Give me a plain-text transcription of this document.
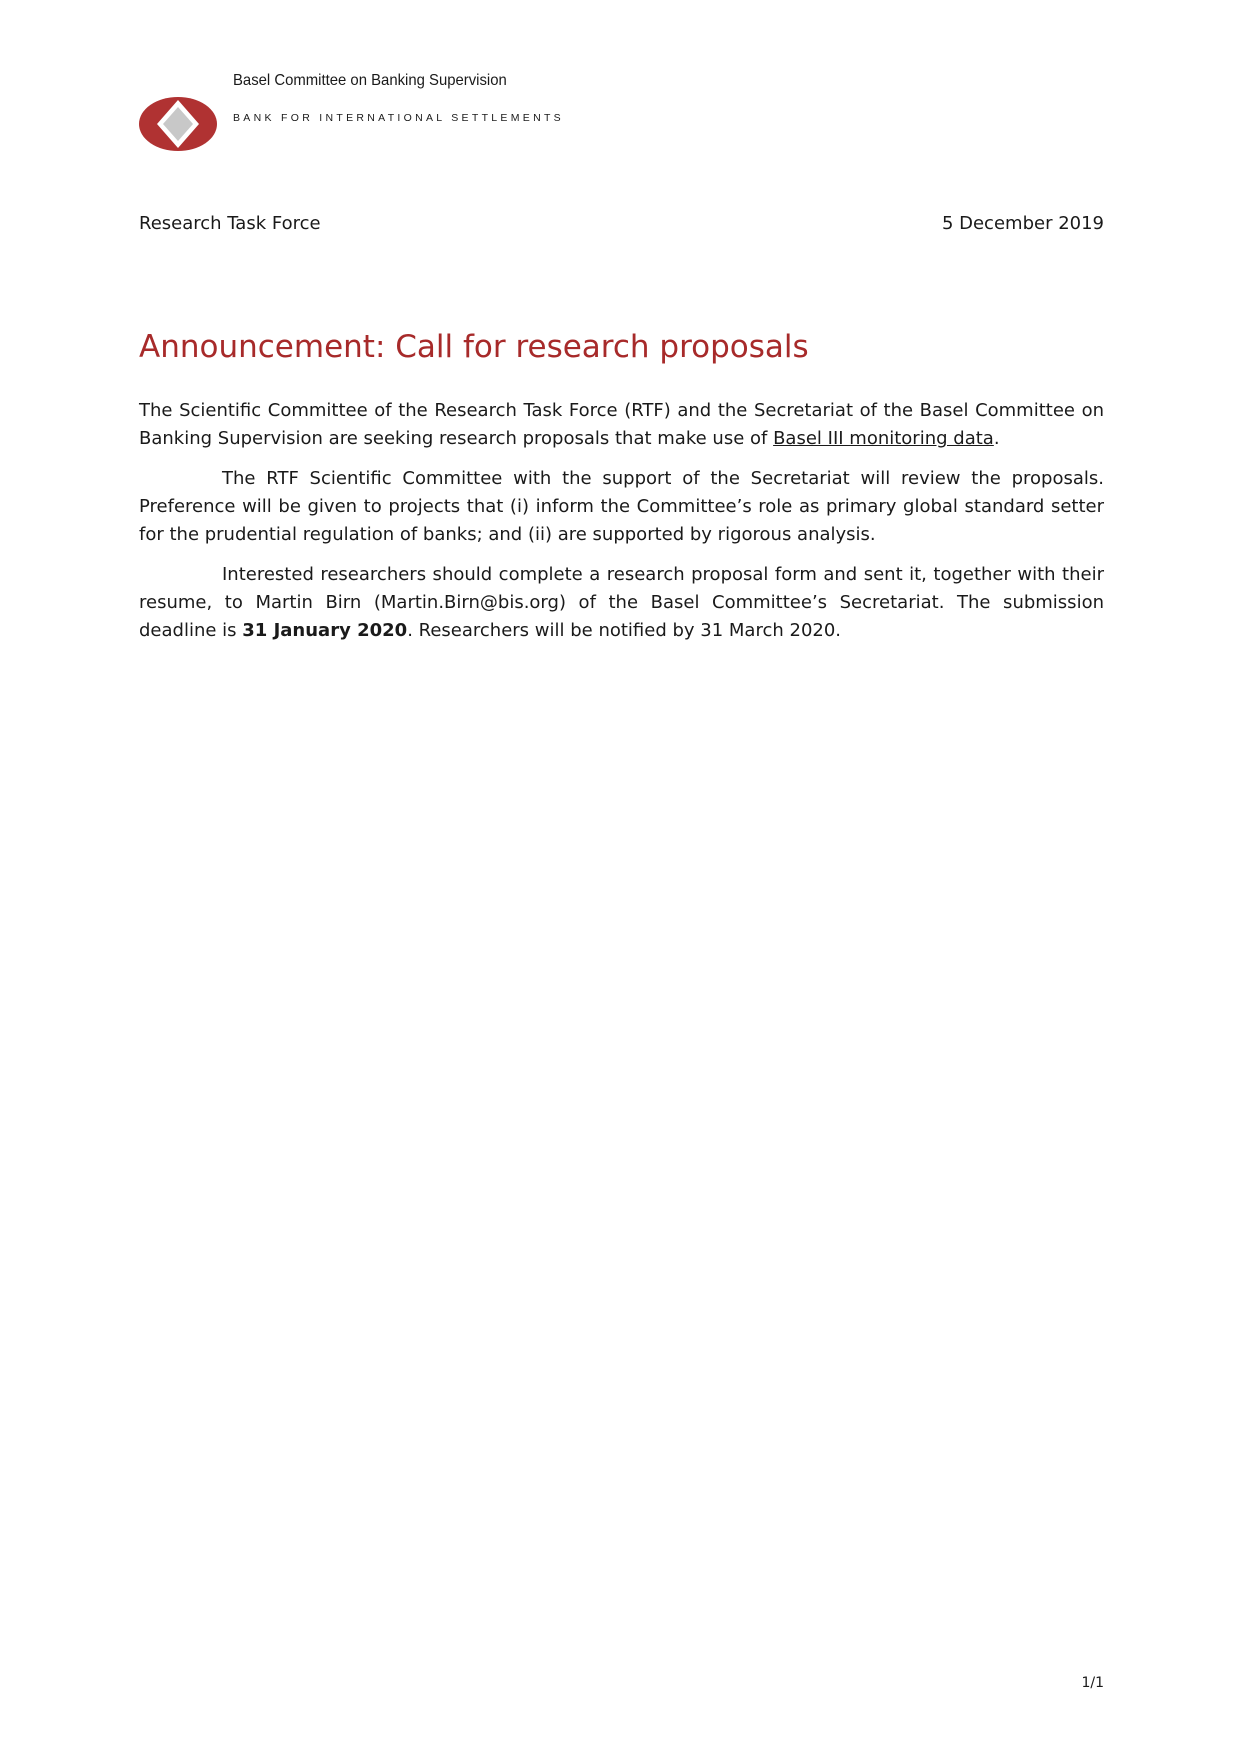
Basel Committee on Banking Supervision
BANK FOR INTERNATIONAL SETTLEMENTS
Research Task Force	5 December 2019
Announcement: Call for research proposals

The Scientific Committee of the Research Task Force (RTF) and the Secretariat of the Basel Committee on Banking Supervision are seeking research proposals that make use of Basel III monitoring data.

The RTF Scientific Committee with the support of the Secretariat will review the proposals. Preference will be given to projects that (i) inform the Committee’s role as primary global standard setter for the prudential regulation of banks; and (ii) are supported by rigorous analysis.

Interested researchers should complete a research proposal form and sent it, together with their resume, to Martin Birn (Martin.Birn@bis.org) of the Basel Committee’s Secretariat. The submission deadline is 31 January 2020. Researchers will be notified by 31 March 2020.

1/1
